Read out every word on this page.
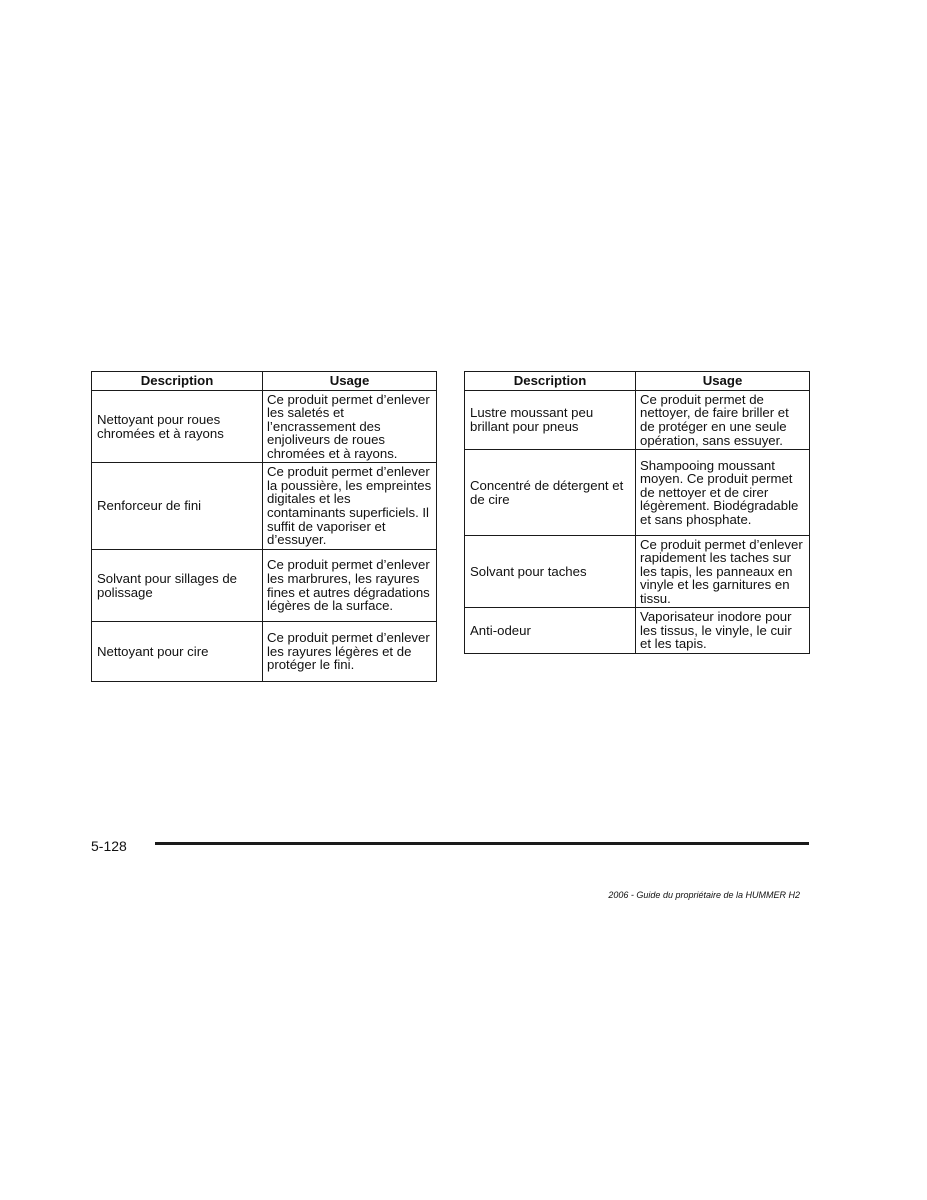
Description	Usage
Nettoyant pour roues chromées et à rayons	Ce produit permet d’enlever les saletés et l’encrassement des enjoliveurs de roues chromées et à rayons.
Renforceur de fini	Ce produit permet d’enlever la poussière, les empreintes digitales et les contaminants superficiels. Il suffit de vaporiser et d’essuyer.
Solvant pour sillages de polissage	Ce produit permet d’enlever les marbrures, les rayures fines et autres dégradations légères de la surface.
Nettoyant pour cire	Ce produit permet d’enlever les rayures légères et de protéger le fini.
Description	Usage
Lustre moussant peu brillant pour pneus	Ce produit permet de nettoyer, de faire briller et de protéger en une seule opération, sans essuyer.
Concentré de détergent et de cire	Shampooing moussant moyen. Ce produit permet de nettoyer et de cirer légèrement. Biodégradable et sans phosphate.
Solvant pour taches	Ce produit permet d’enlever rapidement les taches sur les tapis, les panneaux en vinyle et les garnitures en tissu.
Anti-odeur	Vaporisateur inodore pour les tissus, le vinyle, le cuir et les tapis.
5-128
2006 - Guide du propriétaire de la HUMMER H2
